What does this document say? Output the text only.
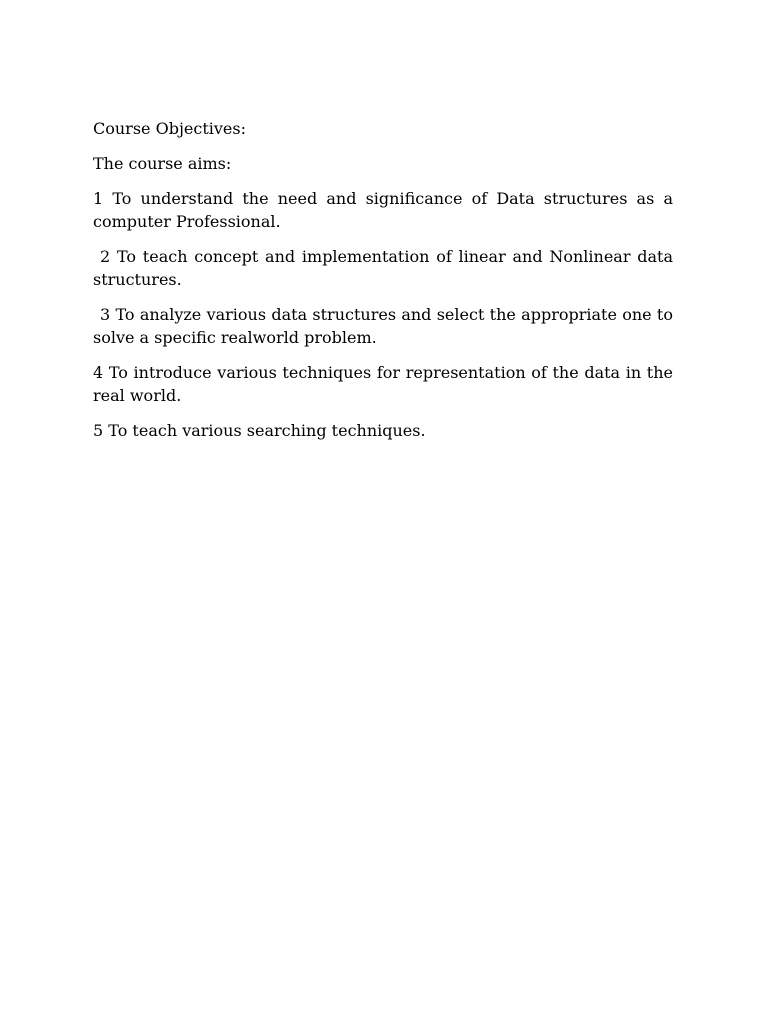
Course Objectives:

The course aims:

1 To understand the need and significance of Data structures as a computer Professional.

2 To teach concept and implementation of linear and Nonlinear data structures.

3 To analyze various data structures and select the appropriate one to solve a specific realworld problem.

4 To introduce various techniques for representation of the data in the real world.

5 To teach various searching techniques.
